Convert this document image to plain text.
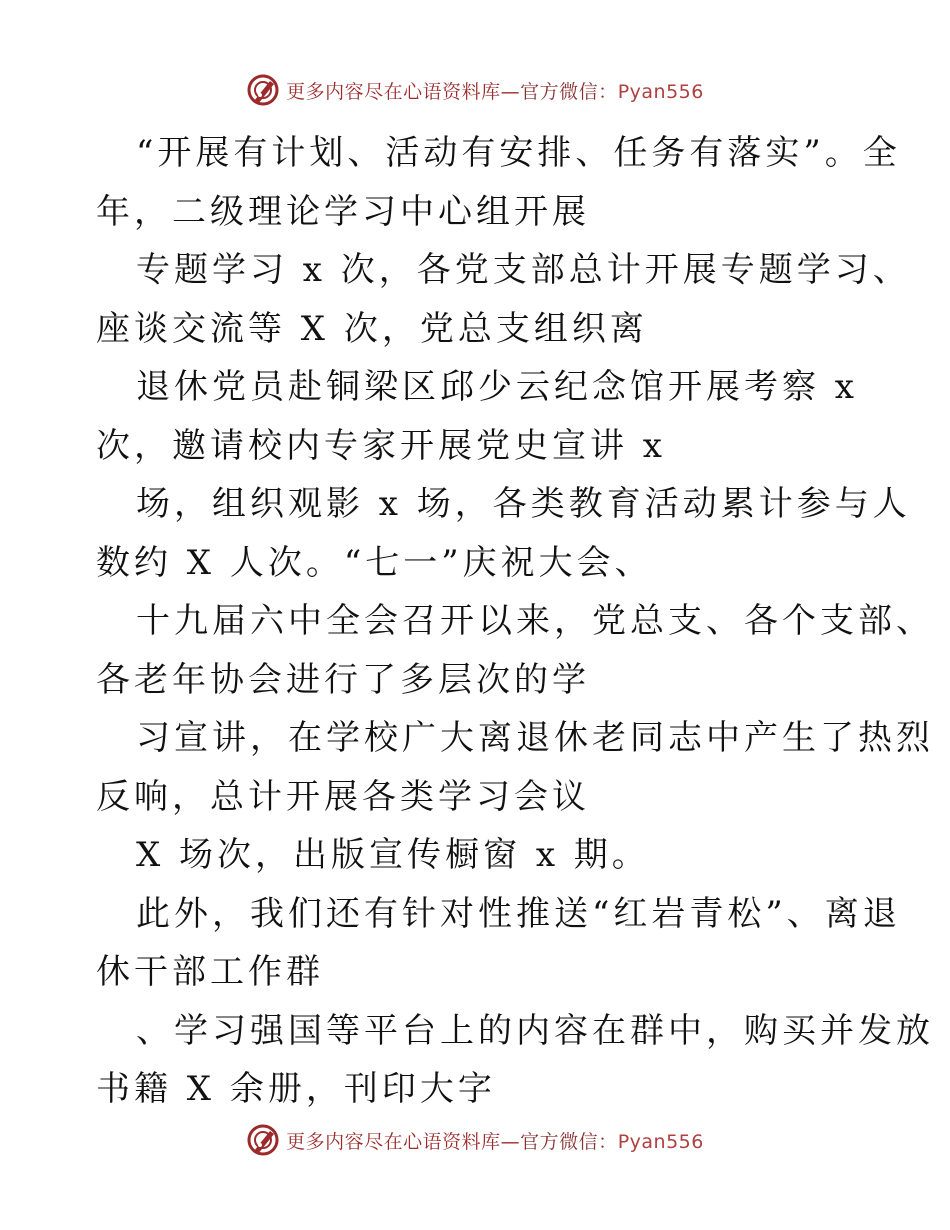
更多内容尽在心语资料库—官方微信：Pyan556
“开展有计划、活动有安排、任务有落实”。全
年，二级理论学习中心组开展
专题学习 x 次，各党支部总计开展专题学习、
座谈交流等 X 次，党总支组织离
退休党员赴铜梁区邱少云纪念馆开展考察 x
次，邀请校内专家开展党史宣讲 x
场，组织观影 x 场，各类教育活动累计参与人
数约 X 人次。“七一”庆祝大会、
十九届六中全会召开以来，党总支、各个支部、
各老年协会进行了多层次的学
习宣讲，在学校广大离退休老同志中产生了热烈
反响，总计开展各类学习会议
X 场次，出版宣传橱窗 x 期。
此外，我们还有针对性推送“红岩青松”、离退
休干部工作群
、学习强国等平台上的内容在群中，购买并发放
书籍 X 余册，刊印大字
更多内容尽在心语资料库—官方微信：Pyan556
